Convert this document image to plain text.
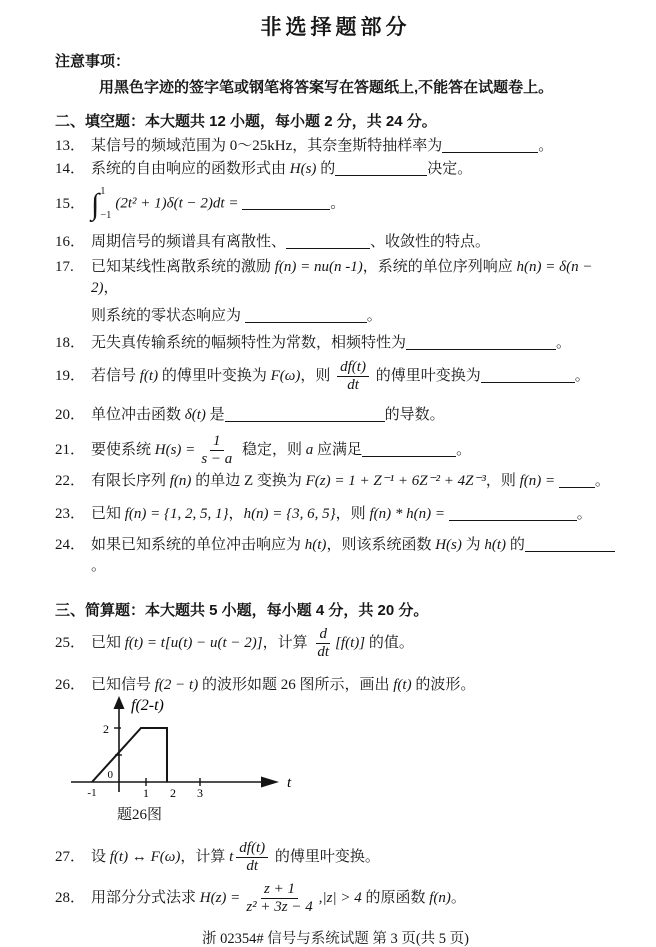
非选择题部分
注意事项：
用黑色字迹的签字笔或钢笔将答案写在答题纸上,不能答在试题卷上。
二、填空题：本大题共 12 小题，每小题 2 分，共 24 分。
13． 某信号的频域范围为 0～25kHz，其奈奎斯特抽样率为	。
14． 系统的自由响应的函数形式由 H(s) 的	决定。
15． ∫ 1
−1
(2t² + 1)δ(t − 2)dt =	。
16． 周期信号的频谱具有离散性、	、收敛性的特点。
17.	已知某线性离散系统的激励 f(n) = nu(n -1)，系统的单位序列响应 h(n) = δ(n − 2)，
则系统的零状态响应为	。
18． 无失真传输系统的幅频特性为常数，相频特性为	。
19． 若信号 f(t) 的傅里叶变换为 F(ω)，则 $\frac{df(t)}{dt}$ 的傅里叶变换为	。
20． 单位冲击函数 δ(t) 是	的导数。
21． 要使系统 $H(s) = \frac{1}{s - a}$ 稳定，则 a 应满足	。
22． 有限长序列 f(n) 的单边 Z 变换为 F(z) = 1 + Z⁻¹ + 6Z⁻² + 4Z⁻³，则 f(n) =	。
23． 已知 f(n) = {1, 2, 5, 1}，h(n) = {3, 6, 5}，则 f(n) * h(n) =	。
24． 如果已知系统的单位冲击响应为 h(t)，则该系统函数 H(s) 为 h(t) 的。
三、简算题：本大题共 5 小题，每小题 4 分，共 20 分。
25． 已知 f(t) = t[u(t) − u(t − 2)]，计算 $\frac{d}{dt} [f(t)]$ 的值。
26． 已知信号 f(2 − t) 的波形如题 26 图所示，画出 f(t) 的波形。
2
0
-1	1 2 3
t
f(2-t)
题26图
27． 设 f(t) ↔ F(ω)，计算 t $\frac{df(t)}{dt}$ 的傅里叶变换。
28． 用部分分式法求 $H(z) = \frac{z + 1}{\text{z² + 3z − 4}} ,|z| > 4$ 的原函数 f(n)。
浙 02354# 信号与系统试题 第 3 页(共 5 页)
